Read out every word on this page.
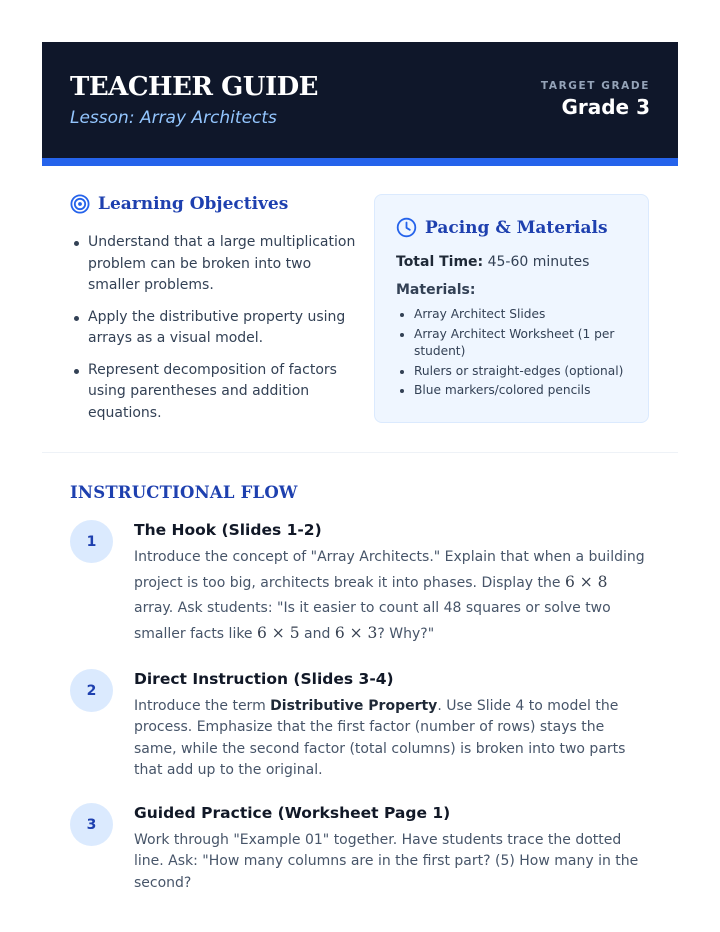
TEACHER GUIDE
Lesson: Array Architects
TARGET GRADE
Grade 3
Learning Objectives
Understand that a large multiplication problem can be broken into two smaller problems.
Apply the distributive property using arrays as a visual model.
Represent decomposition of factors using parentheses and addition equations.
Pacing & Materials
Total Time: 45-60 minutes
Materials:
Array Architect Slides
Array Architect Worksheet (1 per student)
Rulers or straight-edges (optional)
Blue markers/colored pencils
INSTRUCTIONAL FLOW
1
The Hook (Slides 1-2)
Introduce the concept of "Array Architects." Explain that when a building project is too big, architects break it into phases. Display the 6 × 8 array. Ask students: "Is it easier to count all 48 squares or solve two smaller facts like 6 × 5 and 6 × 3? Why?"
2
Direct Instruction (Slides 3-4)
Introduce the term Distributive Property. Use Slide 4 to model the process. Emphasize that the first factor (number of rows) stays the same, while the second factor (total columns) is broken into two parts that add up to the original.
3
Guided Practice (Worksheet Page 1)
Work through "Example 01" together. Have students trace the dotted line. Ask: "How many columns are in the first part? (5) How many in the second?
